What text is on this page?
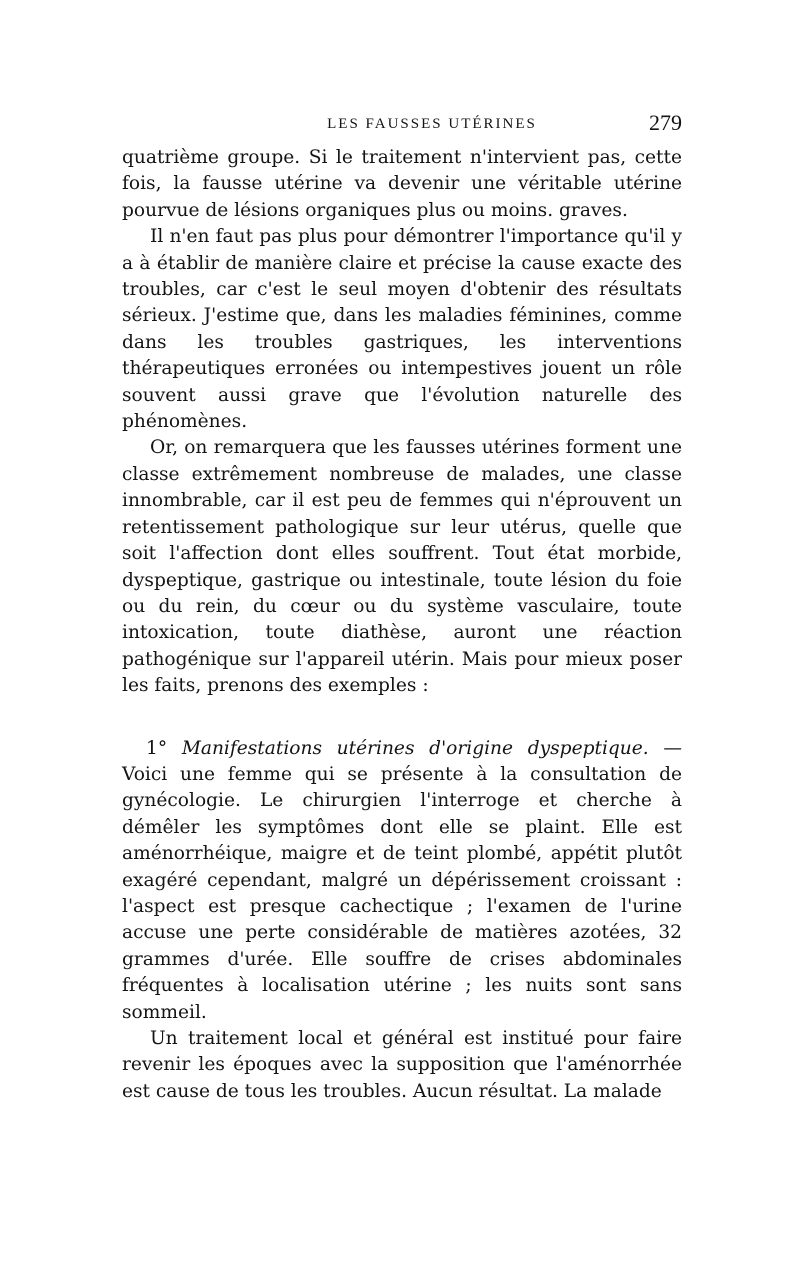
LES FAUSSES UTÉRINES	279

quatrième groupe. Si le traitement n'intervient pas, cette fois, la fausse utérine va devenir une véritable utérine pourvue de lésions organiques plus ou moins. graves.

Il n'en faut pas plus pour démontrer l'importance qu'il y a à établir de manière claire et précise la cause exacte des troubles, car c'est le seul moyen d'obtenir des résultats sérieux. J'estime que, dans les maladies féminines, comme dans les troubles gastriques, les interventions thérapeutiques erronées ou intempestives jouent un rôle souvent aussi grave que l'évolution naturelle des phénomènes.

Or, on remarquera que les fausses utérines forment une classe extrêmement nombreuse de malades, une classe innombrable, car il est peu de femmes qui n'éprouvent un retentissement pathologique sur leur utérus, quelle que soit l'affection dont elles souffrent. Tout état morbide, dyspeptique, gastrique ou intestinale, toute lésion du foie ou du rein, du cœur ou du système vasculaire, toute intoxication, toute diathèse, auront une réaction pathogénique sur l'appareil utérin. Mais pour mieux poser les faits, prenons des exemples :

1° Manifestations utérines d'origine dyspeptique. — Voici une femme qui se présente à la consultation de gynécologie. Le chirurgien l'interroge et cherche à démêler les symptômes dont elle se plaint. Elle est aménorrhéique, maigre et de teint plombé, appétit plutôt exagéré cependant, malgré un dépérissement croissant : l'aspect est presque cachectique ; l'examen de l'urine accuse une perte considérable de matières azotées, 32 grammes d'urée. Elle souffre de crises abdominales fréquentes à localisation utérine ; les nuits sont sans sommeil.

Un traitement local et général est institué pour faire revenir les époques avec la supposition que l'aménorrhée est cause de tous les troubles. Aucun résultat. La malade
